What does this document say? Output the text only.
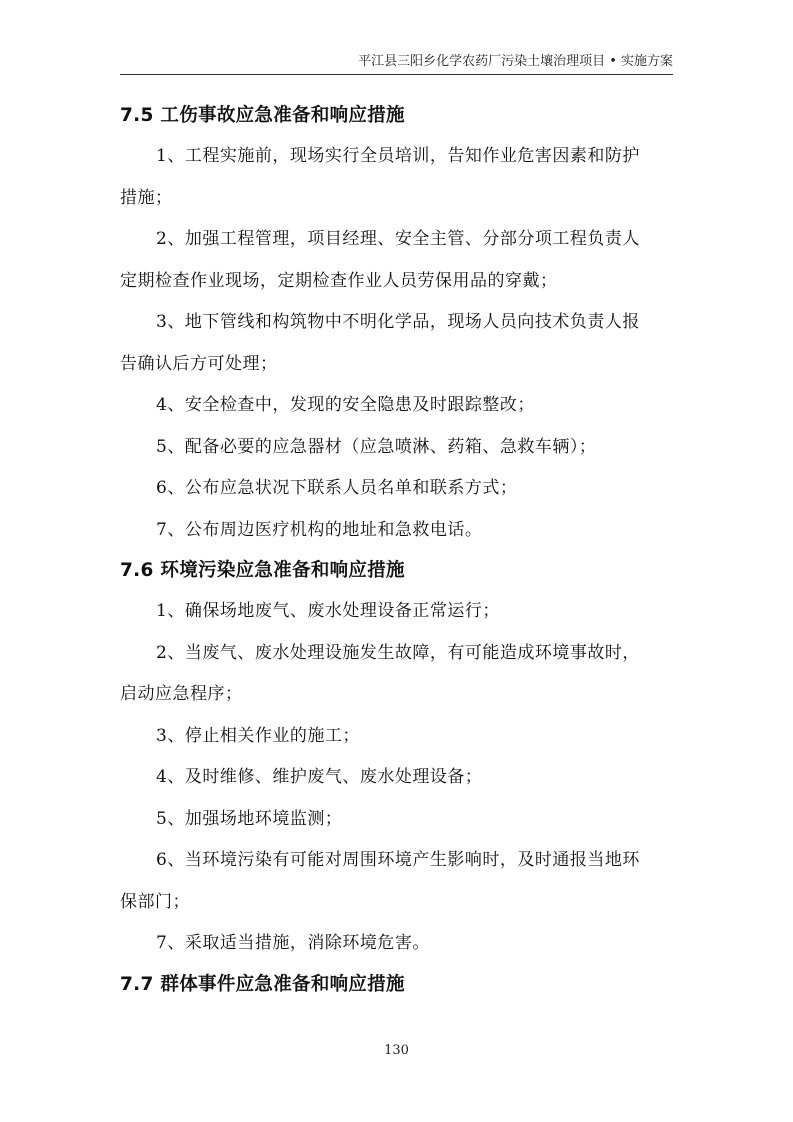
平江县三阳乡化学农药厂污染土壤治理项目 • 实施方案
7.5 工伤事故应急准备和响应措施

1、工程实施前，现场实行全员培训，告知作业危害因素和防护
措施；

2、加强工程管理，项目经理、安全主管、分部分项工程负责人
定期检查作业现场，定期检查作业人员劳保用品的穿戴；

3、地下管线和构筑物中不明化学品，现场人员向技术负责人报
告确认后方可处理；

4、安全检查中，发现的安全隐患及时跟踪整改；

5、配备必要的应急器材（应急喷淋、药箱、急救车辆）；

6、公布应急状况下联系人员名单和联系方式；

7、公布周边医疗机构的地址和急救电话。

7.6 环境污染应急准备和响应措施

1、确保场地废气、废水处理设备正常运行；

2、当废气、废水处理设施发生故障，有可能造成环境事故时，
启动应急程序；

3、停止相关作业的施工；

4、及时维修、维护废气、废水处理设备；

5、加强场地环境监测；

6、当环境污染有可能对周围环境产生影响时，及时通报当地环
保部门；

7、采取适当措施，消除环境危害。

7.7 群体事件应急准备和响应措施
130
